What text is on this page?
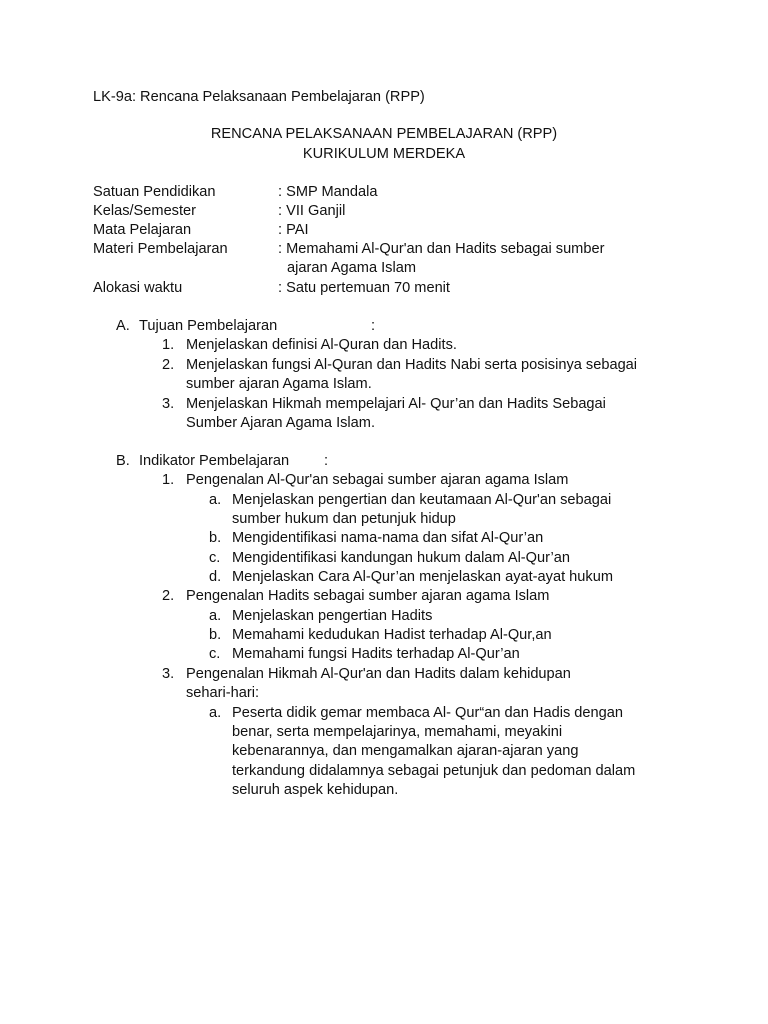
LK-9a: Rencana Pelaksanaan Pembelajaran (RPP)
RENCANA PELAKSANAAN PEMBELAJARAN (RPP)
KURIKULUM MERDEKA
Satuan Pendidikan	: SMP Mandala
Kelas/Semester	: VII Ganjil
Mata Pelajaran	: PAI
Materi Pembelajaran	: Memahami Al-Qur'an dan Hadits sebagai sumber
ajaran Agama Islam
Alokasi waktu	: Satu pertemuan 70 menit
A. Tujuan Pembelajaran	:
1. Menjelaskan definisi Al-Quran dan Hadits.
2. Menjelaskan fungsi Al-Quran dan Hadits Nabi serta posisinya sebagai
sumber ajaran Agama Islam.
3. Menjelaskan Hikmah mempelajari Al- Qur’an dan Hadits Sebagai
Sumber Ajaran Agama Islam.
B. Indikator Pembelajaran :
1. Pengenalan Al-Qur'an sebagai sumber ajaran agama Islam
a. Menjelaskan pengertian dan keutamaan Al-Qur'an sebagai
sumber hukum dan petunjuk hidup
b. Mengidentifikasi nama-nama dan sifat Al-Qur’an
c. Mengidentifikasi kandungan hukum dalam Al-Qur’an
d. Menjelaskan Cara Al-Qur’an menjelaskan ayat-ayat hukum
2. Pengenalan Hadits sebagai sumber ajaran agama Islam
a. Menjelaskan pengertian Hadits
b. Memahami kedudukan Hadist terhadap Al-Qur,an
c. Memahami fungsi Hadits terhadap Al-Qur’an
3. Pengenalan Hikmah Al-Qur'an dan Hadits dalam kehidupan
sehari-hari:
a. Peserta didik gemar membaca Al- Qur“an dan Hadis dengan
benar, serta mempelajarinya, memahami, meyakini
kebenarannya, dan mengamalkan ajaran-ajaran yang
terkandung didalamnya sebagai petunjuk dan pedoman dalam
seluruh aspek kehidupan.
